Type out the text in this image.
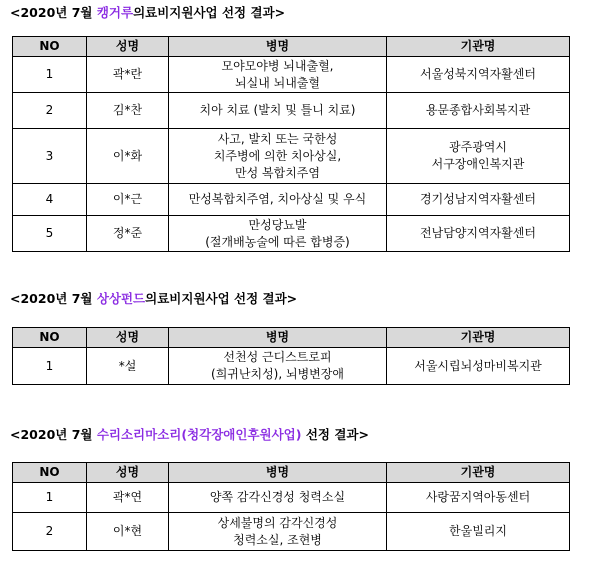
<2020년 7월 캥거루의료비지원사업 선정 결과>
NO	성명	병명	기관명
1	곽*란	모야모야병 뇌내출혈,
뇌실내 뇌내출혈	서울성북지역자활센터

2	김*찬	치아 치료 (발치 및 틀니 치료)	용문종합사회복지관

3	이*화	사고, 발치 또는 국한성
치주병에 의한 치아상실,
만성 복합치주염	광주광역시
서구장애인복지관

4	이*근	만성복합치주염, 치아상실 및 우식	경기성남지역자활센터

5	정*준	만성당뇨발
(절개배농술에 따른 합병증)	전남담양지역자활센터
<2020년 7월 상상펀드의료비지원사업 선정 결과>
NO	성명	병명	기관명
1	*설	선천성 근디스트로피
(희귀난치성), 뇌병변장애	서울시립뇌성마비복지관
<2020년 7월 수리소리마소리(청각장애인후원사업) 선정 결과>
NO	성명	병명	기관명
1	곽*연	양쪽 감각신경성 청력소실	사랑꿈지역아동센터

2	이*현	상세불명의 감각신경성
청력소실, 조현병	한울빌리지
